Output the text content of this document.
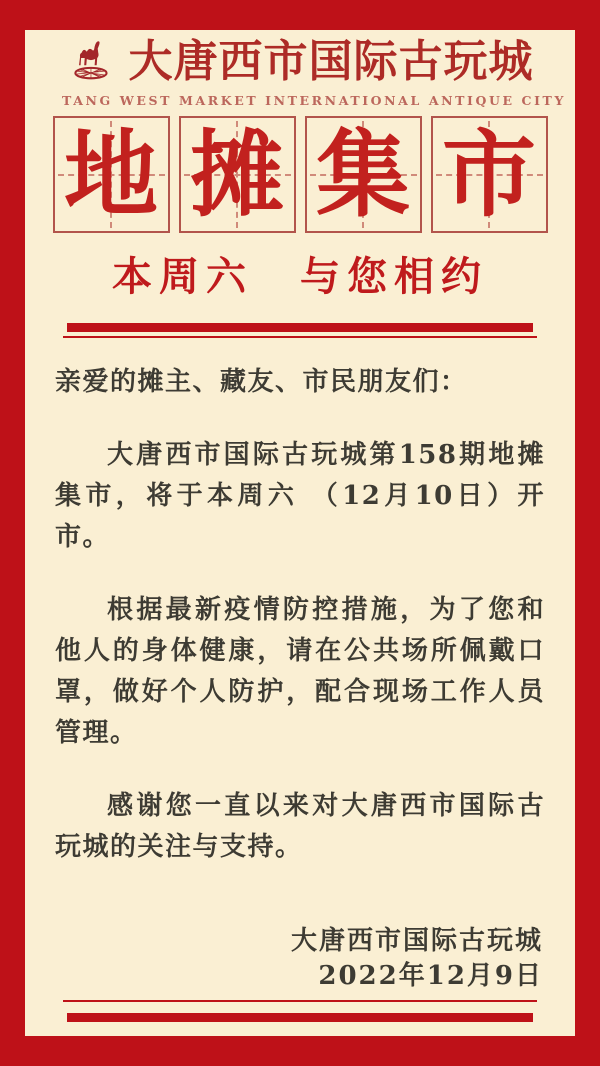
大唐西市国际古玩城
TANG WEST MARKET INTERNATIONAL ANTIQUE CITY
地 摊 集 市
本周六　与您相约

亲爱的摊主、藏友、市民朋友们：

大唐西市国际古玩城第158期地摊集市，将于本周六 （12月10日）开市。

根据最新疫情防控措施，为了您和他人的身体健康，请在公共场所佩戴口罩，做好个人防护，配合现场工作人员管理。

感谢您一直以来对大唐西市国际古玩城的关注与支持。

大唐西市国际古玩城
2022年12月9日
